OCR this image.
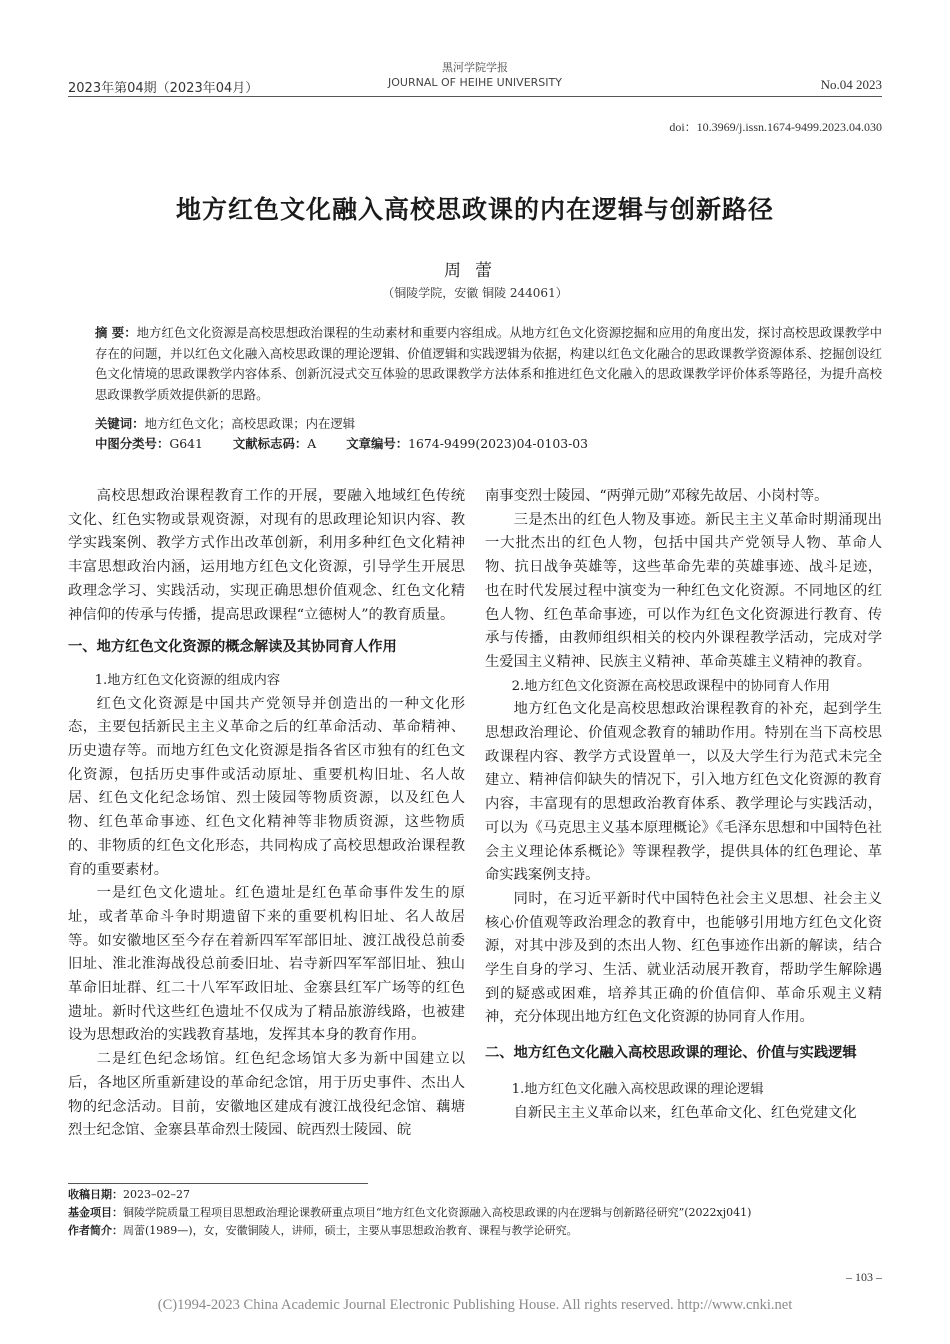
2023年第04期（2023年04月）
黑河学院学报
JOURNAL OF HEIHE UNIVERSITY	No.04 2023
doi：10.3969/j.issn.1674-9499.2023.04.030
地方红色文化融入高校思政课的内在逻辑与创新路径
周蕾
（铜陵学院，安徽 铜陵 244061）
摘 要：地方红色文化资源是高校思想政治课程的生动素材和重要内容组成。从地方红色文化资源挖掘和应用的角度出发，探讨高校思政课教学中存在的问题，并以红色文化融入高校思政课的理论逻辑、价值逻辑和实践逻辑为依据，构建以红色文化融合的思政课教学资源体系、挖掘创设红色文化情境的思政课教学内容体系、创新沉浸式交互体验的思政课教学方法体系和推进红色文化融入的思政课教学评价体系等路径，为提升高校思政课教学质效提供新的思路。
关键词：地方红色文化；高校思政课；内在逻辑
中图分类号：G641 文献标志码：A 文章编号：1674-9499(2023)04-0103-03

高校思想政治课程教育工作的开展，要融入地域红色传统文化、红色实物或景观资源，对现有的思政理论知识内容、教学实践案例、教学方式作出改革创新，利用多种红色文化精神丰富思想政治内涵，运用地方红色文化资源，引导学生开展思政理念学习、实践活动，实现正确思想价值观念、红色文化精神信仰的传承与传播，提高思政课程“立德树人”的教育质量。

一、地方红色文化资源的概念解读及其协同育人作用

1.地方红色文化资源的组成内容

红色文化资源是中国共产党领导并创造出的一种文化形态，主要包括新民主主义革命之后的红革命活动、革命精神、历史遗存等。而地方红色文化资源是指各省区市独有的红色文化资源，包括历史事件或活动原址、重要机构旧址、名人故居、红色文化纪念场馆、烈士陵园等物质资源，以及红色人物、红色革命事迹、红色文化精神等非物质资源，这些物质的、非物质的红色文化形态，共同构成了高校思想政治课程教育的重要素材。

一是红色文化遗址。红色遗址是红色革命事件发生的原址，或者革命斗争时期遗留下来的重要机构旧址、名人故居等。如安徽地区至今存在着新四军军部旧址、渡江战役总前委旧址、淮北淮海战役总前委旧址、岩寺新四军军部旧址、独山革命旧址群、红二十八军军政旧址、金寨县红军广场等的红色遗址。新时代这些红色遗址不仅成为了精品旅游线路，也被建设为思想政治的实践教育基地，发挥其本身的教育作用。

二是红色纪念场馆。红色纪念场馆大多为新中国建立以后，各地区所重新建设的革命纪念馆，用于历史事件、杰出人物的纪念活动。目前，安徽地区建成有渡江战役纪念馆、藕塘烈士纪念馆、金寨县革命烈士陵园、皖西烈士陵园、皖

南事变烈士陵园、“两弹元勋”邓稼先故居、小岗村等。

三是杰出的红色人物及事迹。新民主主义革命时期涌现出一大批杰出的红色人物，包括中国共产党领导人物、革命人物、抗日战争英雄等，这些革命先辈的英雄事迹、战斗足迹，也在时代发展过程中演变为一种红色文化资源。不同地区的红色人物、红色革命事迹，可以作为红色文化资源进行教育、传承与传播，由教师组织相关的校内外课程教学活动，完成对学生爱国主义精神、民族主义精神、革命英雄主义精神的教育。

2.地方红色文化资源在高校思政课程中的协同育人作用

地方红色文化是高校思想政治课程教育的补充，起到学生思想政治理论、价值观念教育的辅助作用。特别在当下高校思政课程内容、教学方式设置单一，以及大学生行为范式未完全建立、精神信仰缺失的情况下，引入地方红色文化资源的教育内容，丰富现有的思想政治教育体系、教学理论与实践活动，可以为《马克思主义基本原理概论》《毛泽东思想和中国特色社会主义理论体系概论》等课程教学，提供具体的红色理论、革命实践案例支持。

同时，在习近平新时代中国特色社会主义思想、社会主义核心价值观等政治理念的教育中，也能够引用地方红色文化资源，对其中涉及到的杰出人物、红色事迹作出新的解读，结合学生自身的学习、生活、就业活动展开教育，帮助学生解除遇到的疑惑或困难，培养其正确的价值信仰、革命乐观主义精神，充分体现出地方红色文化资源的协同育人作用。

二、地方红色文化融入高校思政课的理论、价值与实践逻辑

1.地方红色文化融入高校思政课的理论逻辑

自新民主主义革命以来，红色革命文化、红色党建文化

收稿日期：2023–02–27
基金项目：铜陵学院质量工程项目思想政治理论课教研重点项目“地方红色文化资源融入高校思政课的内在逻辑与创新路径研究”(2022xj041)
作者简介：周蕾(1989—)，女，安徽铜陵人，讲师，硕士，主要从事思想政治教育、课程与教学论研究。
– 103 –
(C)1994-2023 China Academic Journal Electronic Publishing House. All rights reserved. http://www.cnki.net
